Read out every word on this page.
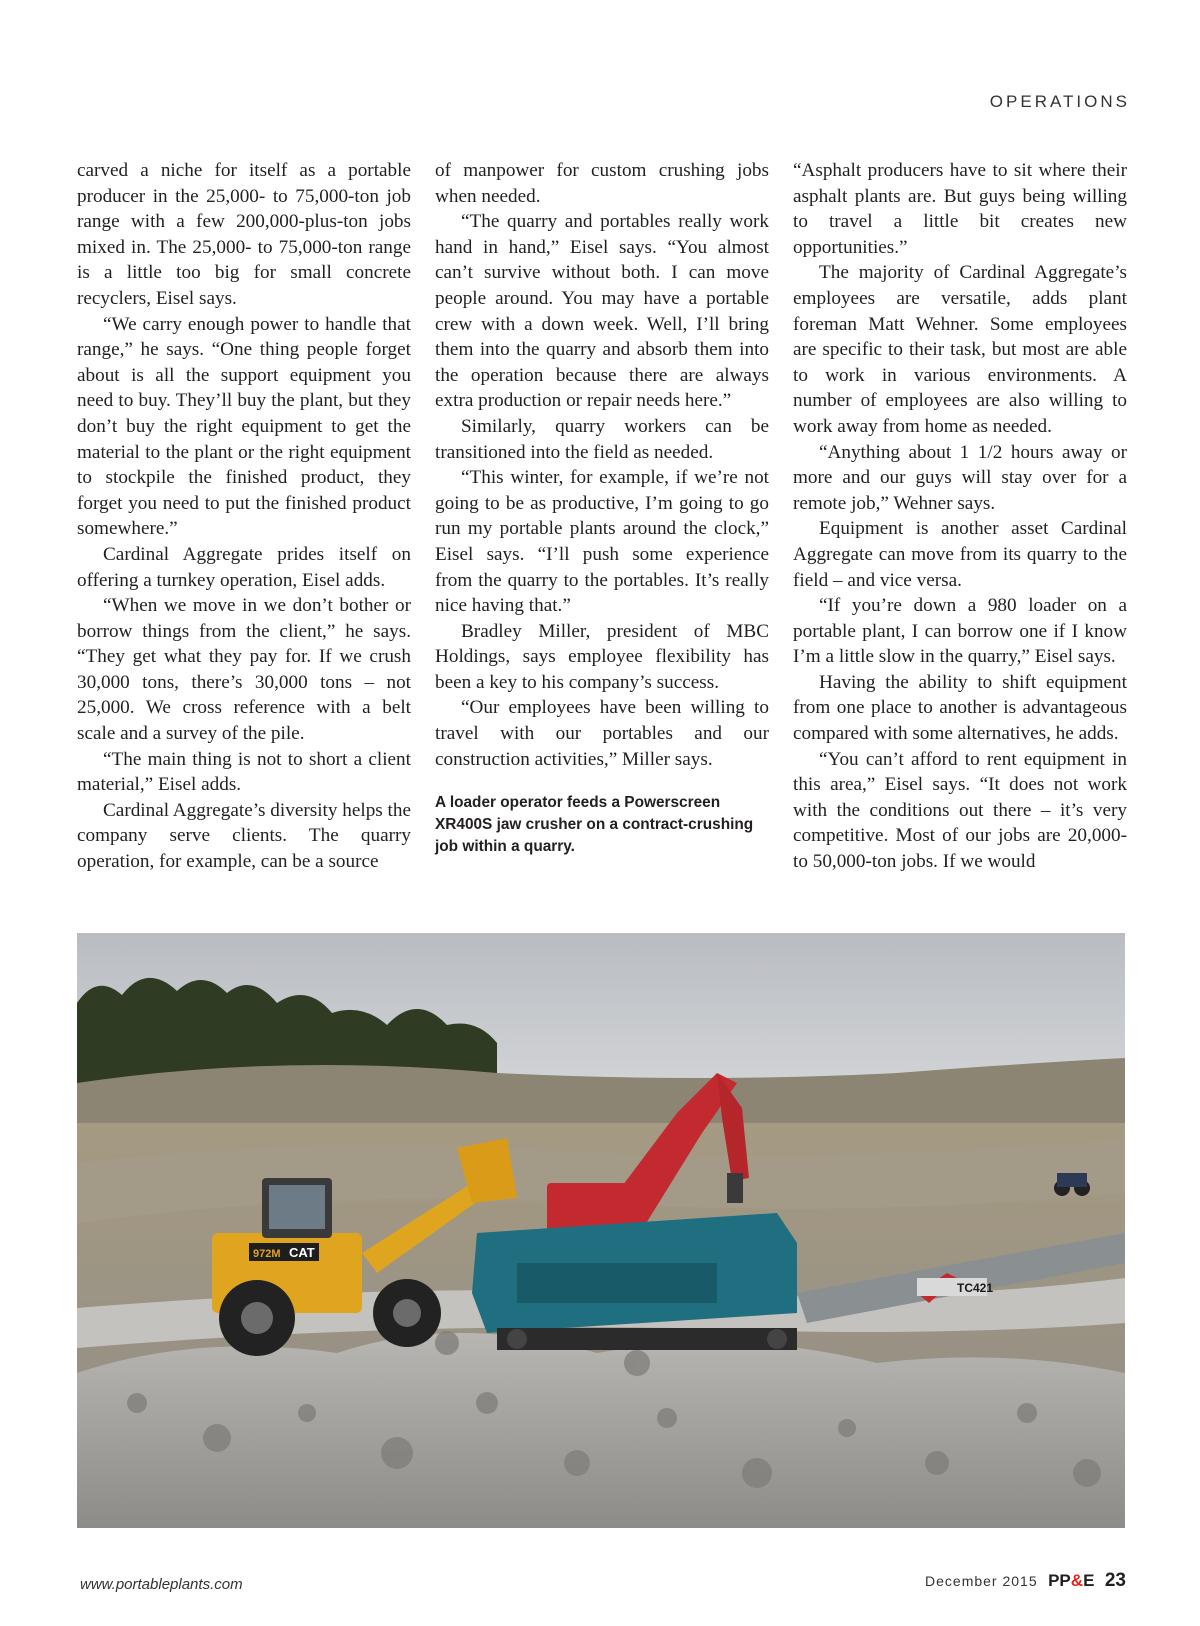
OPERATIONS

carved a niche for itself as a portable producer in the 25,000- to 75,000-ton job range with a few 200,000-plus-ton jobs mixed in. The 25,000- to 75,000-ton range is a little too big for small concrete recyclers, Eisel says.

“We carry enough power to handle that range,” he says. “One thing people forget about is all the support equipment you need to buy. They’ll buy the plant, but they don’t buy the right equipment to get the material to the plant or the right equipment to stockpile the finished product, they forget you need to put the finished product somewhere.”

Cardinal Aggregate prides itself on offering a turnkey operation, Eisel adds.

“When we move in we don’t bother or borrow things from the client,” he says. “They get what they pay for. If we crush 30,000 tons, there’s 30,000 tons – not 25,000. We cross reference with a belt scale and a survey of the pile.

“The main thing is not to short a client material,” Eisel adds.

Cardinal Aggregate’s diversity helps the company serve clients. The quarry operation, for example, can be a source

of manpower for custom crushing jobs when needed.

“The quarry and portables really work hand in hand,” Eisel says. “You almost can’t survive without both. I can move people around. You may have a portable crew with a down week. Well, I’ll bring them into the quarry and absorb them into the operation because there are always extra production or repair needs here.”

Similarly, quarry workers can be transitioned into the field as needed.

“This winter, for example, if we’re not going to be as productive, I’m going to go run my portable plants around the clock,” Eisel says. “I’ll push some experience from the quarry to the portables. It’s really nice having that.”

Bradley Miller, president of MBC Holdings, says employee flexibility has been a key to his company’s success.

“Our employees have been willing to travel with our portables and our construction activities,” Miller says.

A loader operator feeds a Powerscreen XR400S jaw crusher on a contract-crushing job within a quarry.

“Asphalt producers have to sit where their asphalt plants are. But guys being willing to travel a little bit creates new opportunities.”

The majority of Cardinal Aggregate’s employees are versatile, adds plant foreman Matt Wehner. Some employees are specific to their task, but most are able to work in various environments. A number of employees are also willing to work away from home as needed.

“Anything about 1 1/2 hours away or more and our guys will stay over for a remote job,” Wehner says.

Equipment is another asset Cardinal Aggregate can move from its quarry to the field – and vice versa.

“If you’re down a 980 loader on a portable plant, I can borrow one if I know I’m a little slow in the quarry,” Eisel says.

Having the ability to shift equipment from one place to another is advantageous compared with some alternatives, he adds.

“You can’t afford to rent equipment in this area,” Eisel says. “It does not work with the conditions out there – it’s very competitive. Most of our jobs are 20,000- to 50,000-ton jobs. If we would

972M CAT
TC421
www.portableplants.com	December 2015 PP&E 23
